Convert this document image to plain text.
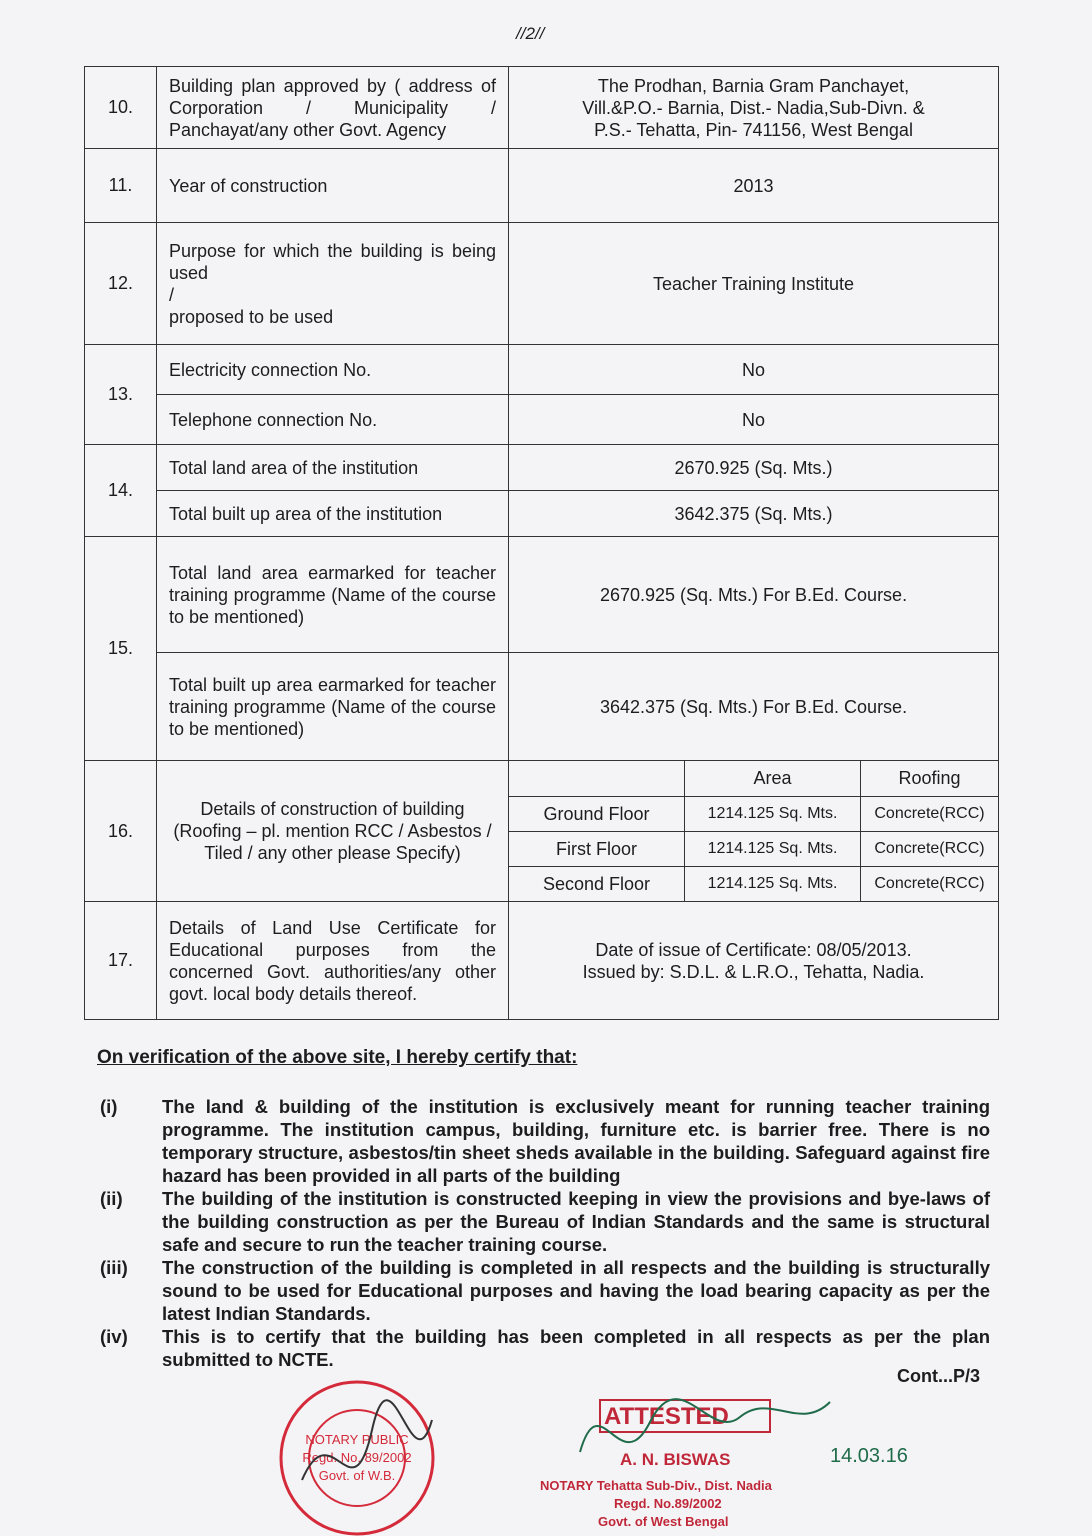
//2//
10.	Building plan approved by ( address of Corporation / Municipality / Panchayat/any other Govt. Agency	The Prodhan, Barnia Gram Panchayet,
Vill.&P.O.- Barnia, Dist.- Nadia,Sub-Divn. &
P.S.- Tehatta, Pin- 741156, West Bengal		

11.	Year of construction	2013		
12.	Purpose for which the building is being used
/
proposed to be used	Teacher Training Institute		
13.	Electricity connection No.	No		
	Telephone connection No.	No		
14.	Total land area of the institution	2670.925 (Sq. Mts.)		
	Total built up area of the institution	3642.375 (Sq. Mts.)		
15.	Total land area earmarked for teacher training programme (Name of the course to be mentioned)	2670.925 (Sq. Mts.) For B.Ed. Course.		
	Total built up area earmarked for teacher training programme (Name of the course to be mentioned)	3642.375 (Sq. Mts.) For B.Ed. Course.		
16.	Details of construction of building (Roofing – pl. mention RCC / Asbestos / Tiled / any other please Specify)		Area	Roofing
		Ground Floor	1214.125 Sq. Mts.	Concrete(RCC)
		First Floor	1214.125 Sq. Mts.	Concrete(RCC)
		Second Floor	1214.125 Sq. Mts.	Concrete(RCC)
17.	Details of Land Use Certificate for Educational purposes from the concerned Govt. authorities/any other govt. local body details thereof.	Date of issue of Certificate: 08/05/2013.
Issued by: S.D.L. & L.R.O., Tehatta, Nadia.		
On verification of the above site, I hereby certify that:
(i)	The land & building of the institution is exclusively meant for running teacher training programme. The institution campus, building, furniture etc. is barrier free. There is no temporary structure, asbestos/tin sheet sheds available in the building. Safeguard against fire hazard has been provided in all parts of the building
(ii)	The building of the institution is constructed keeping in view the provisions and bye-laws of the building construction as per the Bureau of Indian Standards and the same is structural safe and secure to run the teacher training course.
(iii)	The construction of the building is completed in all respects and the building is structurally sound to be used for Educational purposes and having the load bearing capacity as per the latest Indian Standards.
(iv)	This is to certify that the building has been completed in all respects as per the plan submitted to NCTE.
Cont...P/3
NOTARY PUBLIC
Regd. No. 89/2002
Govt. of W.B.
ATTESTED
14.03.16
A. N. BISWAS
NOTARY Tehatta Sub-Div., Dist. Nadia
Regd. No.89/2002
Govt. of West Bengal
